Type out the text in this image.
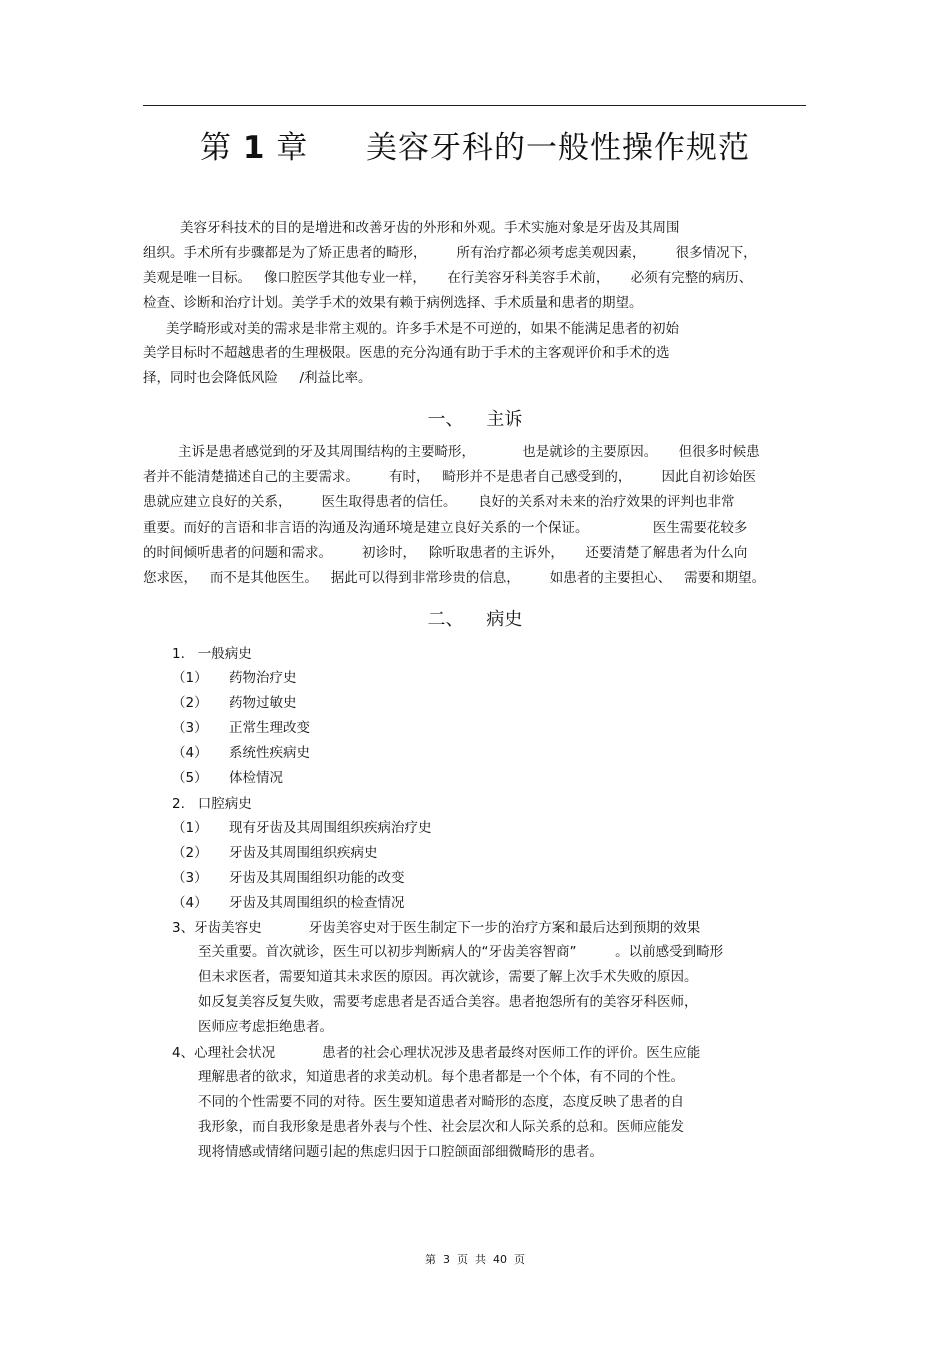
第 1 章 美容牙科的一般性操作规范
美容牙科技术的目的是增进和改善牙齿的外形和外观。手术实施对象是牙齿及其周围
组织。手术所有步骤都是为了矫正患者的畸形，       所有治疗都必须考虑美观因素，       很多情况下，
美观是唯一目标。   像口腔医学其他专业一样，     在行美容牙科美容手术前，     必须有完整的病历、
检查、诊断和治疗计划。美学手术的效果有赖于病例选择、手术质量和患者的期望。
美学畸形或对美的需求是非常主观的。许多手术是不可逆的，如果不能满足患者的初始
美学目标时不超越患者的生理极限。医患的充分沟通有助于手术的主客观评价和手术的选
择，同时也会降低风险     /利益比率。
一、    主诉
主诉是患者感觉到的牙及其周围结构的主要畸形，           也是就诊的主要原因。     但很多时候患
者并不能清楚描述自己的主要需求。       有时，   畸形并不是患者自己感受到的，       因此自初诊始医
患就应建立良好的关系，       医生取得患者的信任。     良好的关系对未来的治疗效果的评判也非常
重要。而好的言语和非言语的沟通及沟通环境是建立良好关系的一个保证。               医生需要花较多
的时间倾听患者的问题和需求。       初诊时，   除听取患者的主诉外，     还要清楚了解患者为什么向
您求医，   而不是其他医生。   据此可以得到非常珍贵的信息，       如患者的主要担心、   需要和期望。
二、    病史
1.   一般病史
（1）     药物治疗史
（2）     药物过敏史
（3）     正常生理改变
（4）     系统性疾病史
（5）     体检情况
2.   口腔病史
（1）     现有牙齿及其周围组织疾病治疗史
（2）     牙齿及其周围组织疾病史
（3）     牙齿及其周围组织功能的改变
（4）     牙齿及其周围组织的检查情况
3、牙齿美容史           牙齿美容史对于医生制定下一步的治疗方案和最后达到预期的效果
至关重要。首次就诊，医生可以初步判断病人的“牙齿美容智商”         。以前感受到畸形
但未求医者，需要知道其未求医的原因。再次就诊，需要了解上次手术失败的原因。
如反复美容反复失败，需要考虑患者是否适合美容。患者抱怨所有的美容牙科医师，
医师应考虑拒绝患者。
4、心理社会状况           患者的社会心理状况涉及患者最终对医师工作的评价。医生应能
理解患者的欲求，知道患者的求美动机。每个患者都是一个个体，有不同的个性。
不同的个性需要不同的对待。医生要知道患者对畸形的态度，态度反映了患者的自
我形象，而自我形象是患者外表与个性、社会层次和人际关系的总和。医师应能发
现将情感或情绪问题引起的焦虑归因于口腔颌面部细微畸形的患者。
第  3  页  共  40  页
